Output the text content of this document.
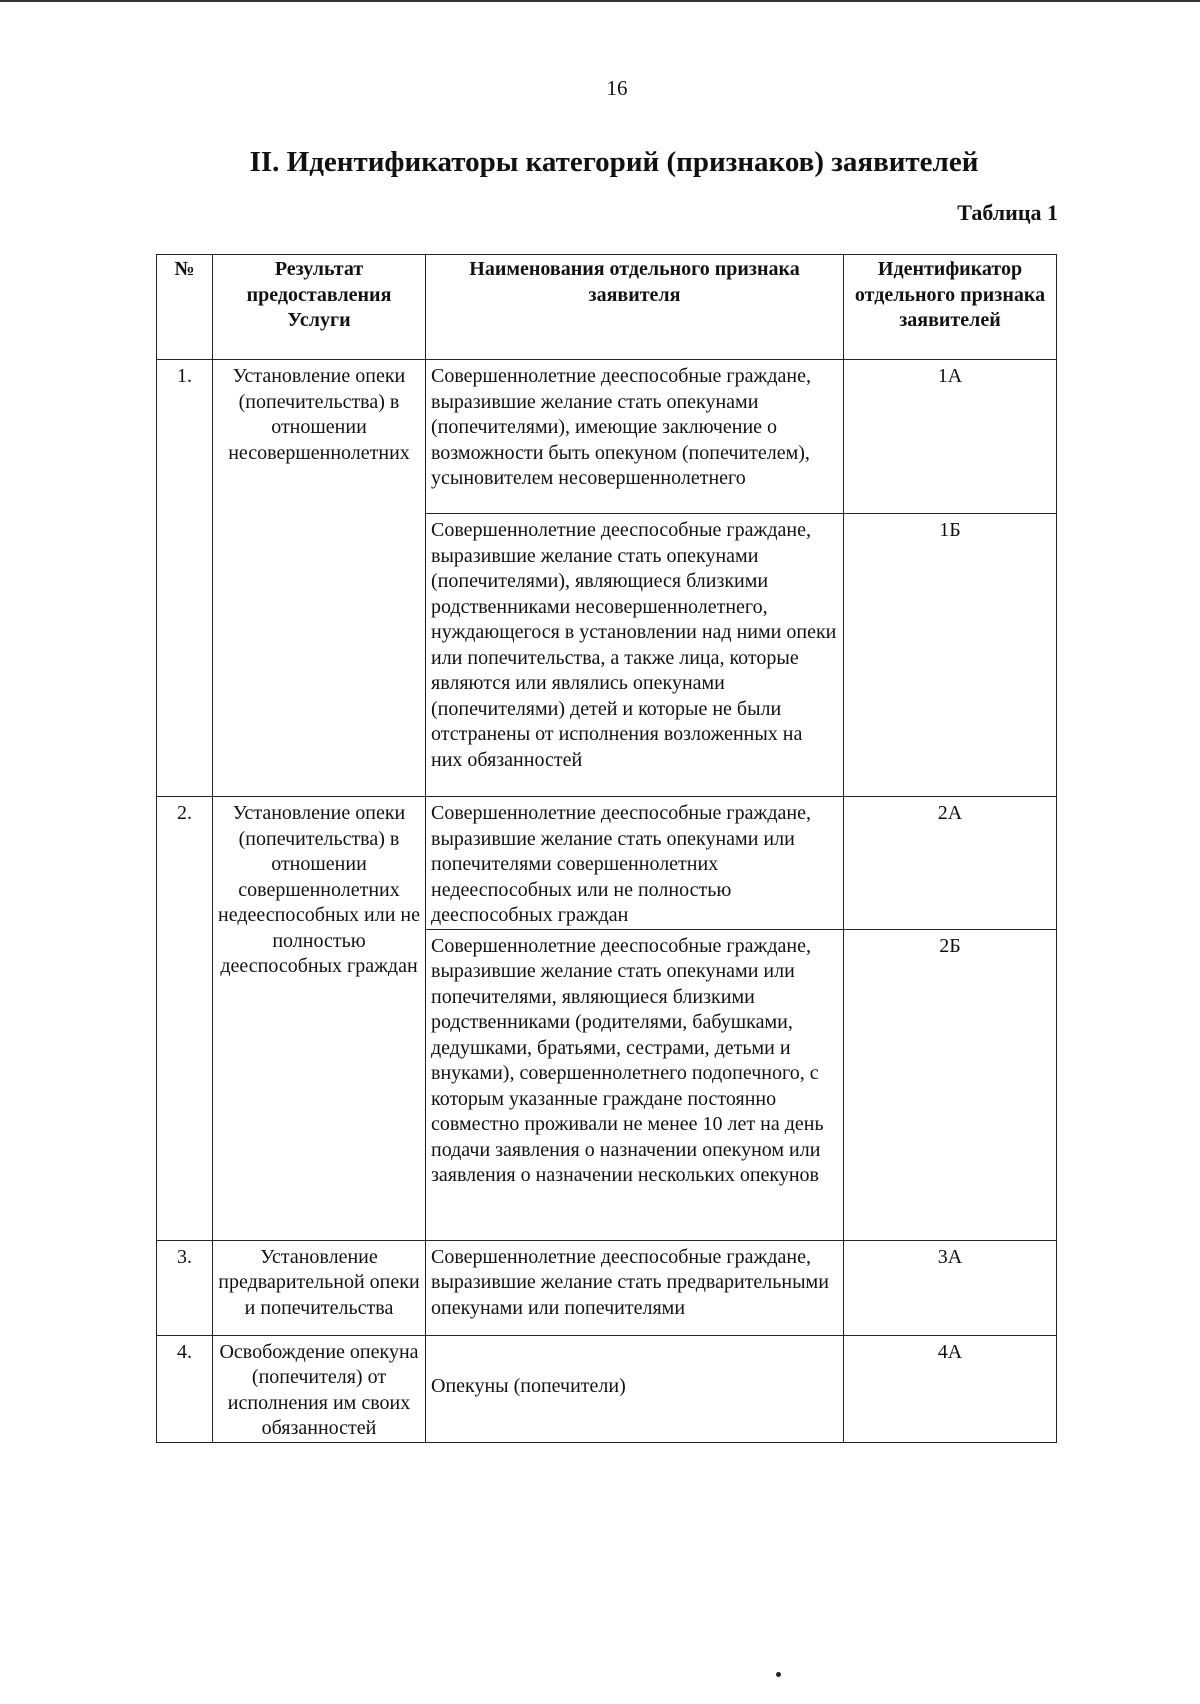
16
II. Идентификаторы категорий (признаков) заявителей
Таблица 1
№	Результат предоставления Услуги	Наименования отдельного признака заявителя	Идентификатор отдельного признака заявителей
1.	Установление опеки (попечительства) в отношении несовершеннолетних	Совершеннолетние дееспособные граждане, выразившие желание стать опекунами (попечителями), имеющие заключение о возможности быть опекуном (попечителем), усыновителем несовершеннолетнего	1А
		Совершеннолетние дееспособные граждане, выразившие желание стать опекунами (попечителями), являющиеся близкими родственниками несовершеннолетнего, нуждающегося в установлении над ними опеки или попечительства, а также лица, которые являются или являлись опекунами (попечителями) детей и которые не были отстранены от исполнения возложенных на них обязанностей	1Б
2.	Установление опеки (попечительства) в отношении совершеннолетних недееспособных или не полностью дееспособных граждан	Совершеннолетние дееспособные граждане, выразившие желание стать опекунами или попечителями совершеннолетних недееспособных или не полностью дееспособных граждан	2А
		Совершеннолетние дееспособные граждане, выразившие желание стать опекунами или попечителями, являющиеся близкими родственниками (родителями, бабушками, дедушками, братьями, сестрами, детьми и внуками), совершеннолетнего подопечного, с которым указанные граждане постоянно совместно проживали не менее 10 лет на день подачи заявления о назначении опекуном или заявления о назначении нескольких опекунов	2Б
3.	Установление предварительной опеки и попечительства	Совершеннолетние дееспособные граждане, выразившие желание стать предварительными опекунами или попечителями	3А
4.	Освобождение опекуна (попечителя) от исполнения им своих обязанностей	Опекуны (попечители)	4А
